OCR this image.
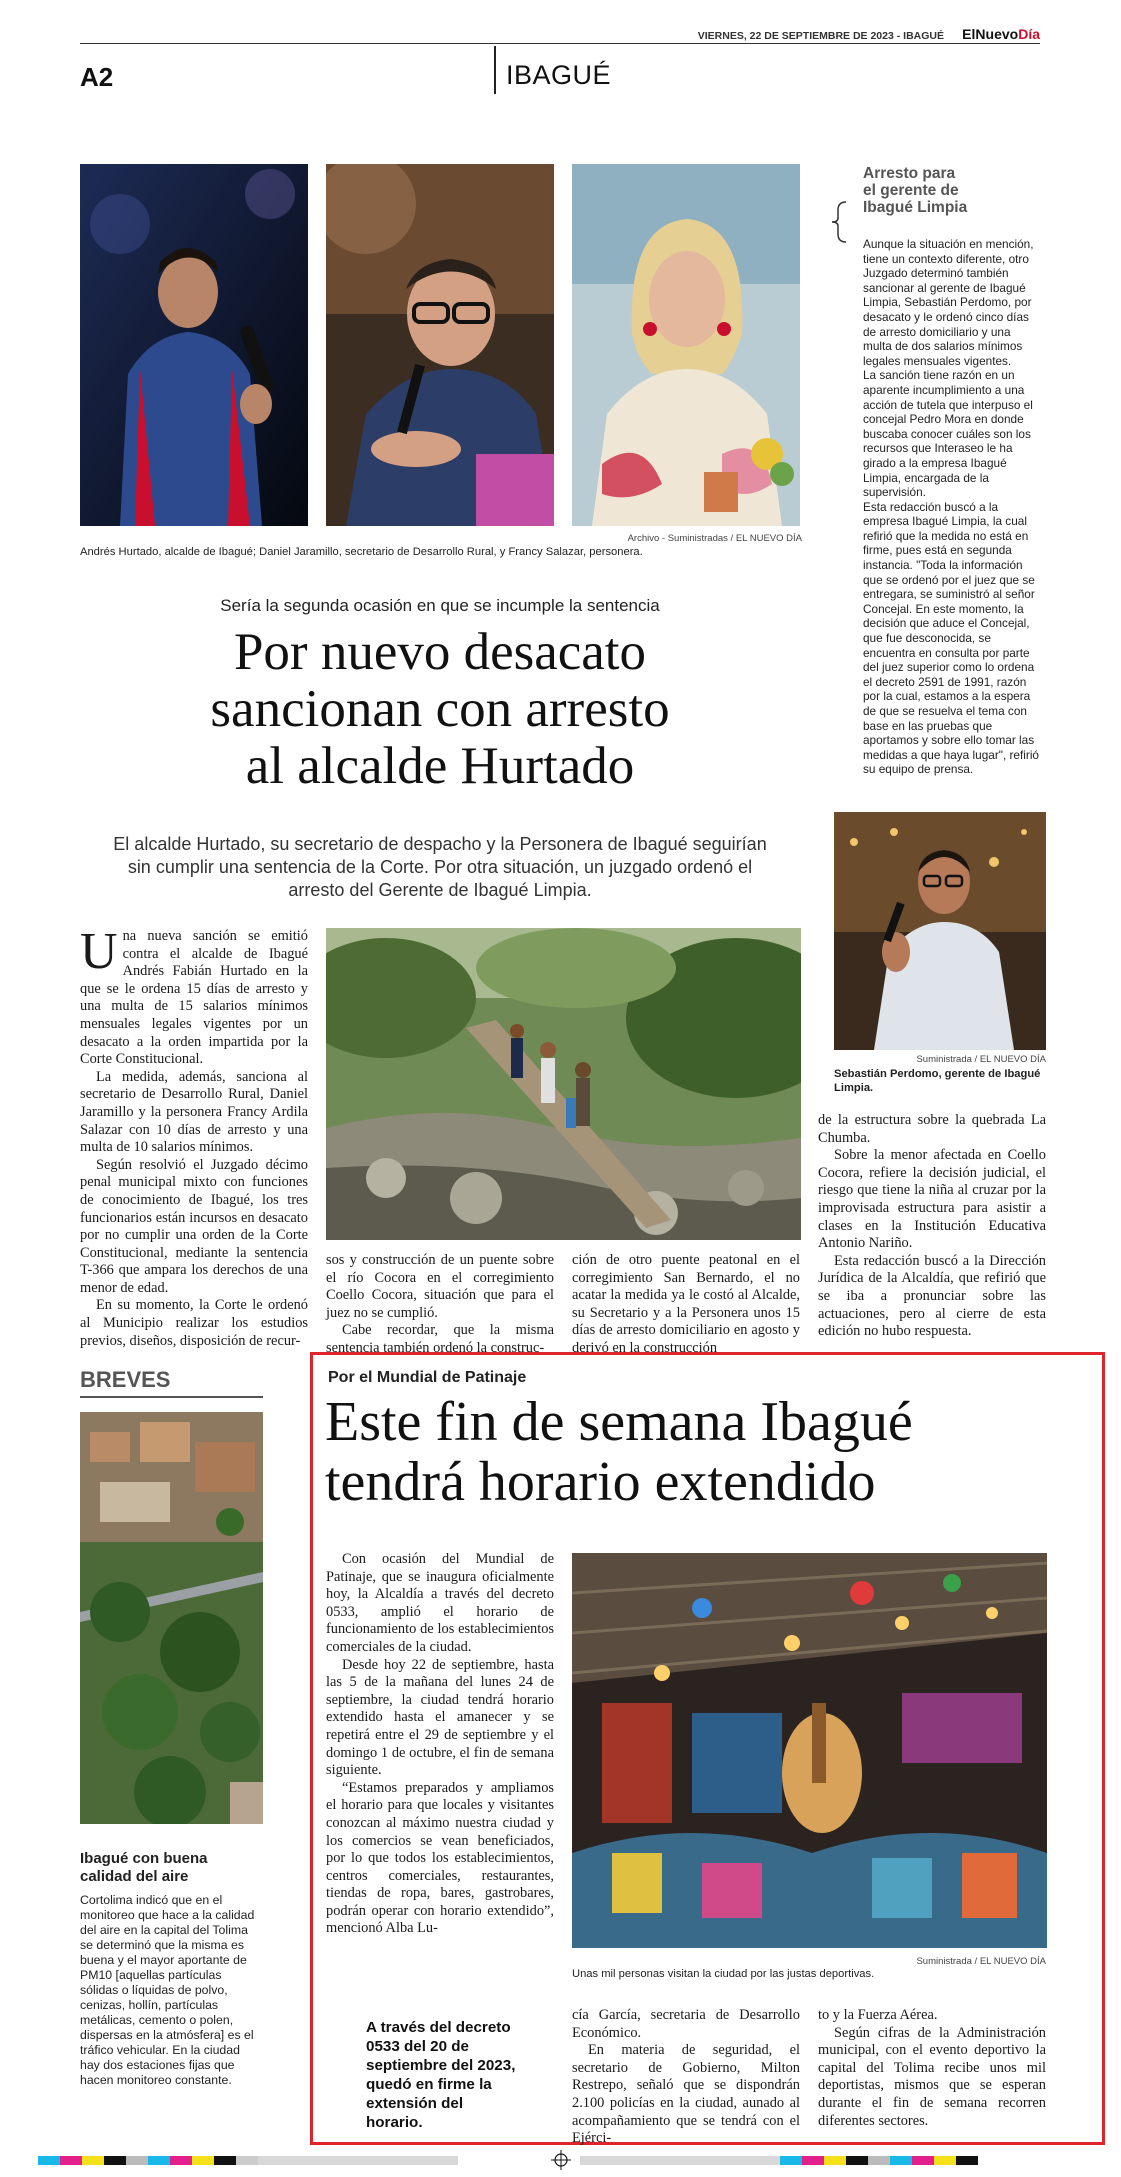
VIERNES, 22 DE SEPTIEMBRE DE 2023 - IBAGUÉ ElNuevoDía
A2	IBAGUÉ
Archivo - Suministradas / EL NUEVO DÍA
Andrés Hurtado, alcalde de Ibagué; Daniel Jaramillo, secretario de Desarrollo Rural, y Francy Salazar, personera.
Sería la segunda ocasión en que se incumple la sentencia
Por nuevo desacato
sancionan con arresto
al alcalde Hurtado
El alcalde Hurtado, su secretario de despacho y la Personera de Ibagué seguirían
sin cumplir una sentencia de la Corte. Por otra situación, un juzgado ordenó el
arresto del Gerente de Ibagué Limpia.
Arresto para
el gerente de
Ibagué Limpia
Aunque la situación en mención, tiene un contexto diferente, otro Juzgado determinó también sancionar al gerente de Ibagué Limpia, Sebastián Perdomo, por desacato y le ordenó cinco días de arresto domiciliario y una multa de dos salarios mínimos legales mensuales vigentes.
La sanción tiene razón en un aparente incumplimiento a una acción de tutela que interpuso el concejal Pedro Mora en donde buscaba conocer cuáles son los recursos que Interaseo le ha girado a la empresa Ibagué Limpia, encargada de la supervisión.
Esta redacción buscó a la empresa Ibagué Limpia, la cual refirió que la medida no está en firme, pues está en segunda instancia. "Toda la información que se ordenó por el juez que se entregara, se suministró al señor Concejal. En este momento, la decisión que aduce el Concejal, que fue desconocida, se encuentra en consulta por parte del juez superior como lo ordena el decreto 2591 de 1991, razón por la cual, estamos a la espera de que se resuelva el tema con base en las pruebas que aportamos y sobre ello tomar las medidas a que haya lugar", refirió su equipo de prensa.
Suministrada / EL NUEVO DÍA
Sebastián Perdomo, gerente de Ibagué Limpia.

Una nueva sanción se emitió contra el alcalde de Ibagué Andrés Fabián Hurtado en la que se le ordena 15 días de arresto y una multa de 15 salarios mínimos mensuales legales vigentes por un desacato a la orden impartida por la Corte Constitucional.

La medida, además, sanciona al secretario de Desarrollo Rural, Daniel Jaramillo y la personera Francy Ardila Salazar con 10 días de arresto y una multa de 10 salarios mínimos.

Según resolvió el Juzgado décimo penal municipal mixto con funciones de conocimiento de Ibagué, los tres funcionarios están incursos en desacato por no cumplir una orden de la Corte Constitucional, mediante la sentencia T-366 que ampara los derechos de una menor de edad.

En su momento, la Corte le ordenó al Municipio realizar los estudios previos, diseños, disposición de recur-

sos y construcción de un puente sobre el río Cocora en el corregimiento Coello Cocora, situación que para el juez no se cumplió.

Cabe recordar, que la misma sentencia también ordenó la construc-

ción de otro puente peatonal en el corregimiento San Bernardo, el no acatar la medida ya le costó al Alcalde, su Secretario y a la Personera unos 15 días de arresto domiciliario en agosto y derivó en la construcción

de la estructura sobre la quebrada La Chumba.

Sobre la menor afectada en Coello Cocora, refiere la decisión judicial, el riesgo que tiene la niña al cruzar por la improvisada estructura para asistir a clases en la Institución Educativa Antonio Nariño.

Esta redacción buscó a la Dirección Jurídica de la Alcaldía, que refirió que se iba a pronunciar sobre las actuaciones, pero al cierre de esta edición no hubo respuesta.

BREVES
Ibagué con buena calidad del aire
Cortolima indicó que en el monitoreo que hace a la calidad del aire en la capital del Tolima se determinó que la misma es buena y el mayor aportante de PM10 [aquellas partículas sólidas o líquidas de polvo, cenizas, hollín, partículas metálicas, cemento o polen, dispersas en la atmósfera] es el tráfico vehicular. En la ciudad hay dos estaciones fijas que hacen monitoreo constante.
Por el Mundial de Patinaje
Este fin de semana Ibagué
tendrá horario extendido

Con ocasión del Mundial de Patinaje, que se inaugura oficialmente hoy, la Alcaldía a través del decreto 0533, amplió el horario de funcionamiento de los establecimientos comerciales de la ciudad.

Desde hoy 22 de septiembre, hasta las 5 de la mañana del lunes 24 de septiembre, la ciudad tendrá horario extendido hasta el amanecer y se repetirá entre el 29 de septiembre y el domingo 1 de octubre, el fin de semana siguiente.

“Estamos preparados y ampliamos el horario para que locales y visitantes conozcan al máximo nuestra ciudad y los comercios se vean beneficiados, por lo que todos los establecimientos, centros comerciales, restaurantes, tiendas de ropa, bares, gastrobares, podrán operar con horario extendido”, mencionó Alba Lu-

Suministrada / EL NUEVO DÍA
Unas mil personas visitan la ciudad por las justas deportivas.
A través del decreto 0533 del 20 de septiembre del 2023, quedó en firme la extensión del horario.

cía García, secretaria de Desarrollo Económico.

En materia de seguridad, el secretario de Gobierno, Milton Restrepo, señaló que se dispondrán 2.100 policías en la ciudad, aunado al acompañamiento que se tendrá con el Ejérci-

to y la Fuerza Aérea.

Según cifras de la Administración municipal, con el evento deportivo la capital del Tolima recibe unos mil deportistas, mismos que se esperan durante el fin de semana recorren diferentes sectores.
